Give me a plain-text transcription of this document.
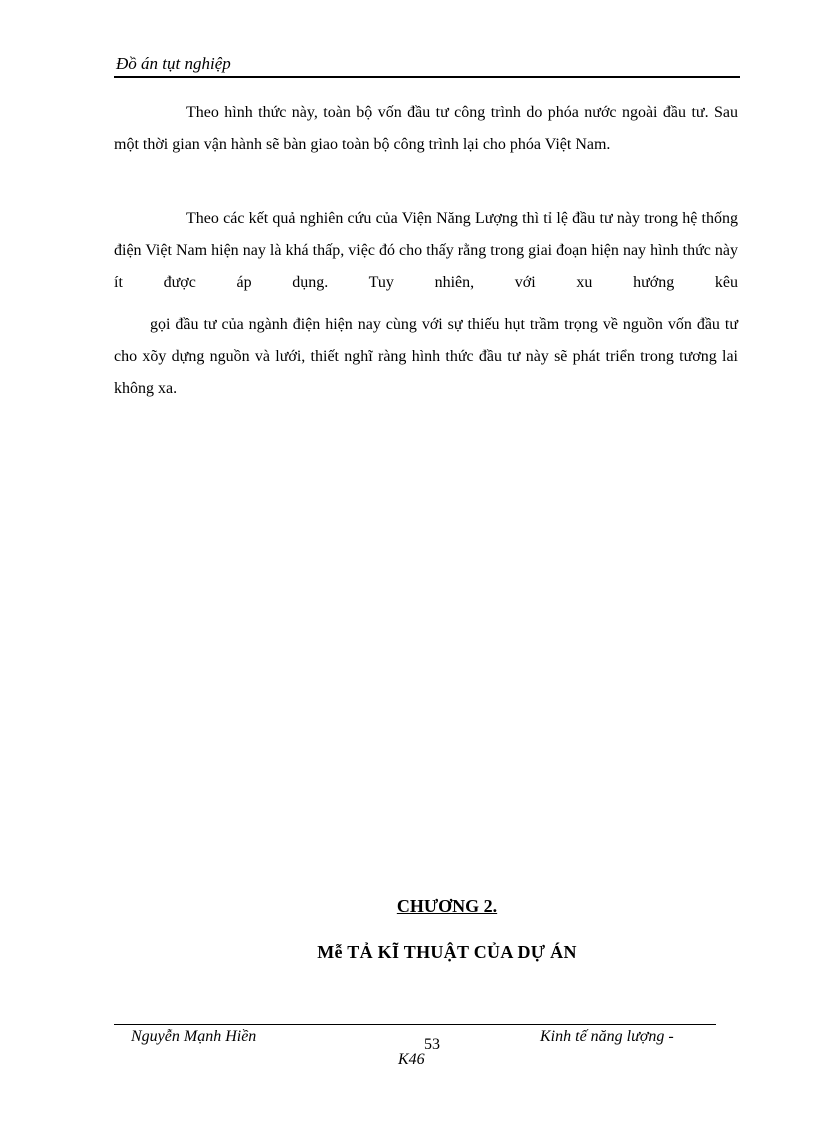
Đồ án tụt nghiệp

Theo hình thức này, toàn bộ vốn đầu tư công trình do phóa nước ngoài đầu tư. Sau một thời gian vận hành sẽ bàn giao toàn bộ công trình lại cho phóa Việt Nam.

Theo các kết quả nghiên cứu của Viện Năng Lượng thì tỉ lệ đầu tư này trong hệ thống điện Việt Nam hiện nay là khá thấp, việc đó cho thấy rằng trong giai đoạn hiện nay hình thức này ít được áp dụng. Tuy nhiên, với xu hướng kêu

gọi đầu tư của ngành điện hiện nay cùng với sự thiếu hụt trầm trọng về nguồn vốn đầu tư cho xõy dựng nguồn và lưới, thiết nghĩ ràng hình thức đầu tư này sẽ phát triển trong tương lai không xa.

CHƯƠNG 2.
Mễ TẢ KĨ THUẬT CỦA DỰ ÁN
Nguyễn Mạnh Hiền	53	Kinh tế năng lượng -
K46
